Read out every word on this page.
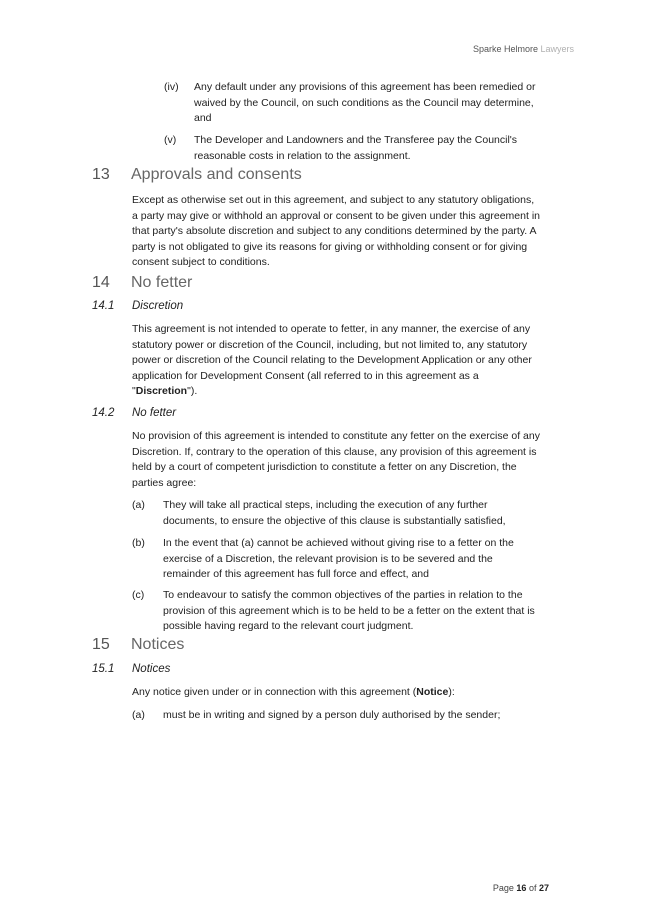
Sparke Helmore Lawyers
(iv) Any default under any provisions of this agreement has been remedied or
waived by the Council, on such conditions as the Council may determine,
and
(v) The Developer and Landowners and the Transferee pay the Council's
reasonable costs in relation to the assignment.
13 Approvals and consents
Except as otherwise set out in this agreement, and subject to any statutory obligations,
a party may give or withhold an approval or consent to be given under this agreement in
that party's absolute discretion and subject to any conditions determined by the party. A
party is not obligated to give its reasons for giving or withholding consent or for giving
consent subject to conditions.
14 No fetter
14.1 Discretion
This agreement is not intended to operate to fetter, in any manner, the exercise of any
statutory power or discretion of the Council, including, but not limited to, any statutory
power or discretion of the Council relating to the Development Application or any other
application for Development Consent (all referred to in this agreement as a
"Discretion").
14.2 No fetter
No provision of this agreement is intended to constitute any fetter on the exercise of any
Discretion. If, contrary to the operation of this clause, any provision of this agreement is
held by a court of competent jurisdiction to constitute a fetter on any Discretion, the
parties agree:
(a) They will take all practical steps, including the execution of any further
documents, to ensure the objective of this clause is substantially satisfied,
(b) In the event that (a) cannot be achieved without giving rise to a fetter on the
exercise of a Discretion, the relevant provision is to be severed and the
remainder of this agreement has full force and effect, and
(c) To endeavour to satisfy the common objectives of the parties in relation to the
provision of this agreement which is to be held to be a fetter on the extent that is
possible having regard to the relevant court judgment.
15 Notices
15.1 Notices
Any notice given under or in connection with this agreement (Notice):
(a) must be in writing and signed by a person duly authorised by the sender;
Page 16 of 27
